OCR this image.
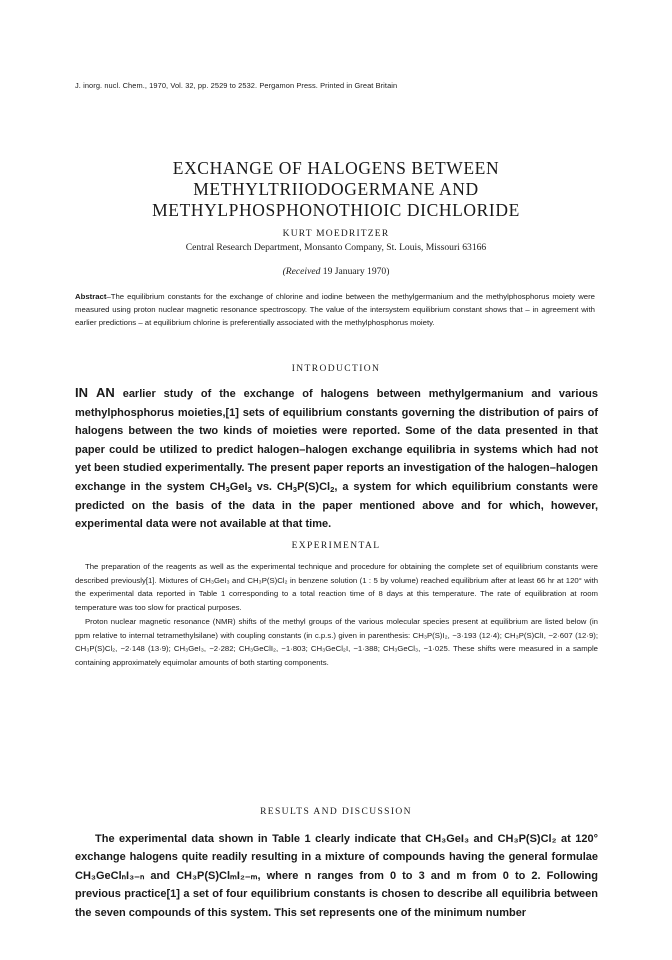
J. inorg. nucl. Chem., 1970, Vol. 32, pp. 2529 to 2532. Pergamon Press. Printed in Great Britain
EXCHANGE OF HALOGENS BETWEEN
METHYLTRIIODOGERMANE AND
METHYLPHOSPHONOTHIOIC DICHLORIDE
KURT MOEDRITZER
Central Research Department, Monsanto Company, St. Louis, Missouri 63166
(Received 19 January 1970)
Abstract–The equilibrium constants for the exchange of chlorine and iodine between the methylgermanium and the methylphosphorus moiety were measured using proton nuclear magnetic resonance spectroscopy. The value of the intersystem equilibrium constant shows that – in agreement with earlier predictions – at equilibrium chlorine is preferentially associated with the methylphosphorus moiety.
INTRODUCTION
IN AN earlier study of the exchange of halogens between methylgermanium and various methylphosphorus moieties,[1] sets of equilibrium constants governing the distribution of pairs of halogens between the two kinds of moieties were reported. Some of the data presented in that paper could be utilized to predict halogen–halogen exchange equilibria in systems which had not yet been studied experimentally. The present paper reports an investigation of the halogen–halogen exchange in the system $CH_3GeI_3$ vs. $CH_3P(S)Cl_2$, a system for which equilibrium constants were predicted on the basis of the data in the paper mentioned above and for which, however, experimental data were not available at that time.
EXPERIMENTAL

The preparation of the reagents as well as the experimental technique and procedure for obtaining the complete set of equilibrium constants were described previously[1]. Mixtures of CH₃GeI₃ and CH₃P(S)Cl₂ in benzene solution (1 : 5 by volume) reached equilibrium after at least 66 hr at 120° with the experimental data reported in Table 1 corresponding to a total reaction time of 8 days at this temperature. The rate of equilibration at room temperature was too slow for practical purposes.

Proton nuclear magnetic resonance (NMR) shifts of the methyl groups of the various molecular species present at equilibrium are listed below (in ppm relative to internal tetramethylsilane) with coupling constants (in c.p.s.) given in parenthesis: CH₃P(S)I₂, −3·193 (12·4); CH₃P(S)ClI, −2·607 (12·9); CH₃P(S)Cl₂, −2·148 (13·9); CH₃GeI₃, −2·282; CH₃GeClI₂, −1·803; CH₃GeCl₂I, −1·388; CH₃GeCl₃, −1·025. These shifts were measured in a sample containing approximately equimolar amounts of both starting components.

RESULTS AND DISCUSSION

The experimental data shown in Table 1 clearly indicate that CH₃GeI₃ and CH₃P(S)Cl₂ at 120° exchange halogens quite readily resulting in a mixture of compounds having the general formulae CH₃GeClₙI₃₋ₙ and CH₃P(S)ClₘI₂₋ₘ, where n ranges from 0 to 3 and m from 0 to 2. Following previous practice[1] a set of four equilibrium constants is chosen to describe all equilibria between the seven compounds of this system. This set represents one of the minimum number
